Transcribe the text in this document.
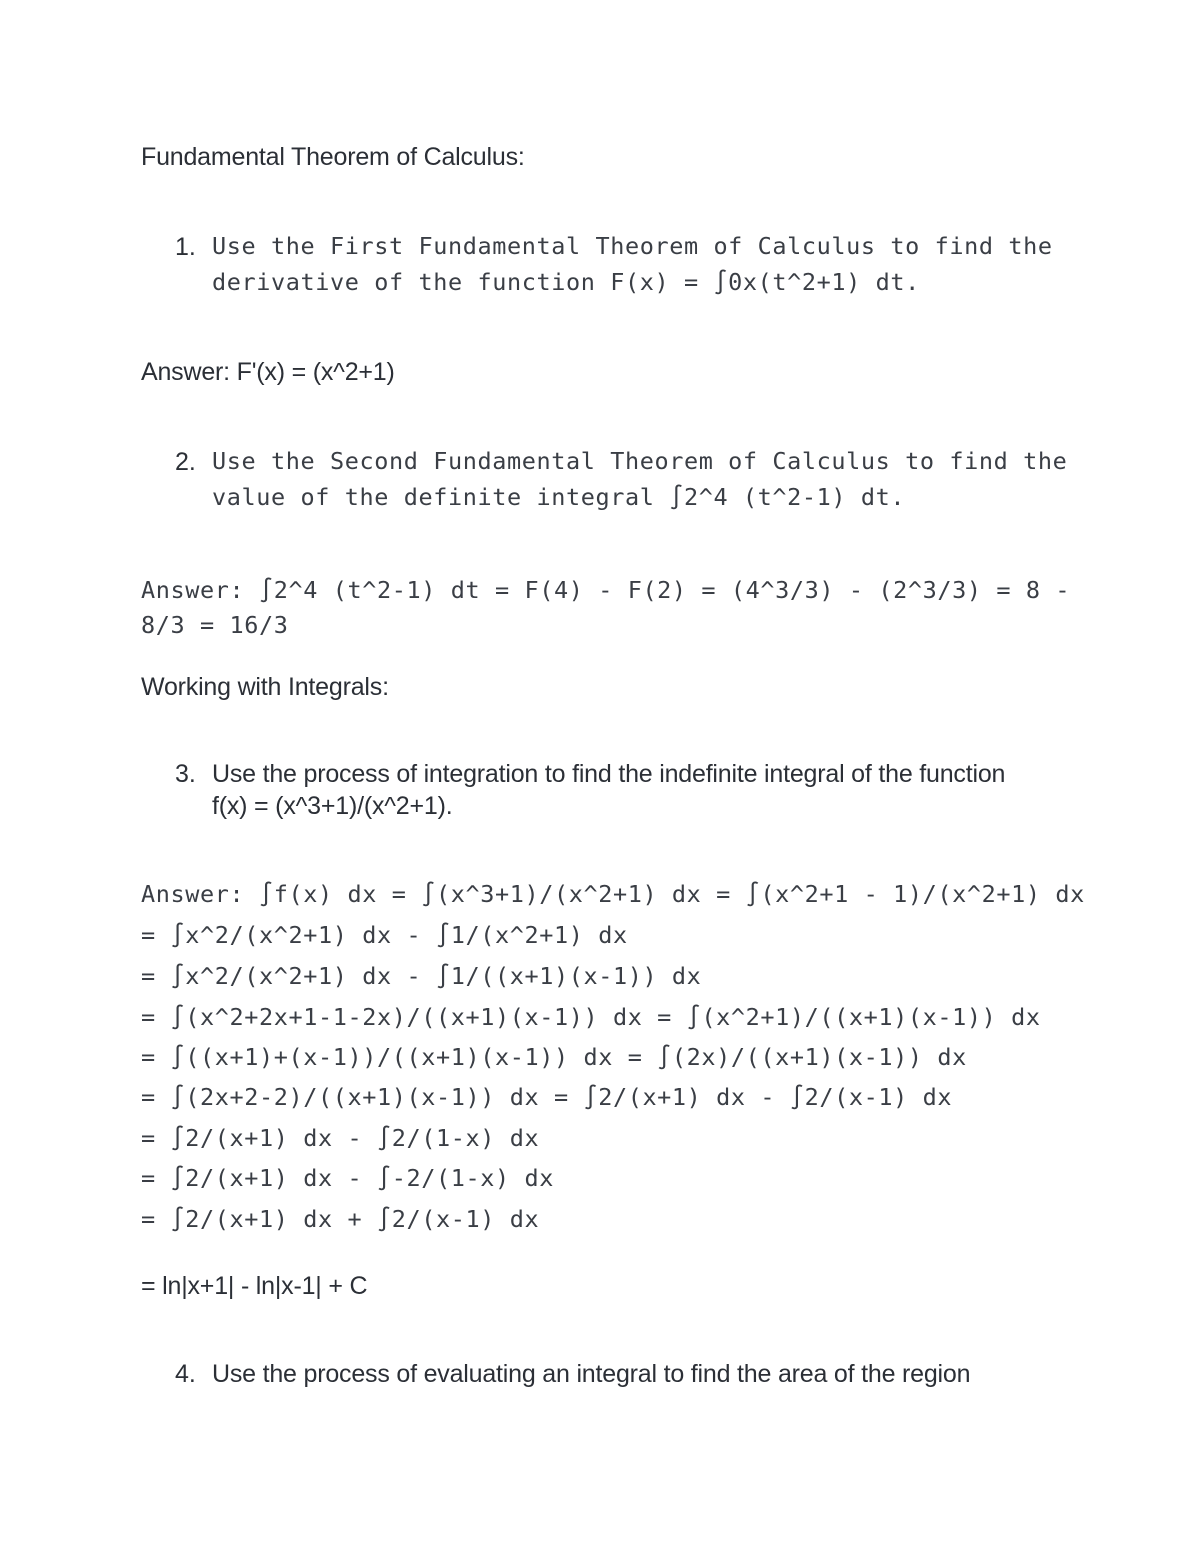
Fundamental Theorem of Calculus:
1. Use the First Fundamental Theorem of Calculus to find the
derivative of the function F(x) = ∫0x(t^2+1) dt.
Answer: F'(x) = (x^2+1)
2. Use the Second Fundamental Theorem of Calculus to find the
value of the definite integral ∫2^4 (t^2-1) dt.
Answer: ∫2^4 (t^2-1) dt = F(4) - F(2) = (4^3/3) - (2^3/3) = 8 -
8/3 = 16/3
Working with Integrals:
3. Use the process of integration to find the indefinite integral of the function
f(x) = (x^3+1)/(x^2+1).
Answer: ∫f(x) dx = ∫(x^3+1)/(x^2+1) dx = ∫(x^2+1 - 1)/(x^2+1) dx
= ∫x^2/(x^2+1) dx - ∫1/(x^2+1) dx
= ∫x^2/(x^2+1) dx - ∫1/((x+1)(x-1)) dx
= ∫(x^2+2x+1-1-2x)/((x+1)(x-1)) dx = ∫(x^2+1)/((x+1)(x-1)) dx
= ∫((x+1)+(x-1))/((x+1)(x-1)) dx = ∫(2x)/((x+1)(x-1)) dx
= ∫(2x+2-2)/((x+1)(x-1)) dx = ∫2/(x+1) dx - ∫2/(x-1) dx
= ∫2/(x+1) dx - ∫2/(1-x) dx
= ∫2/(x+1) dx - ∫-2/(1-x) dx
= ∫2/(x+1) dx + ∫2/(x-1) dx
= ln|x+1| - ln|x-1| + C
4. Use the process of evaluating an integral to find the area of the region
